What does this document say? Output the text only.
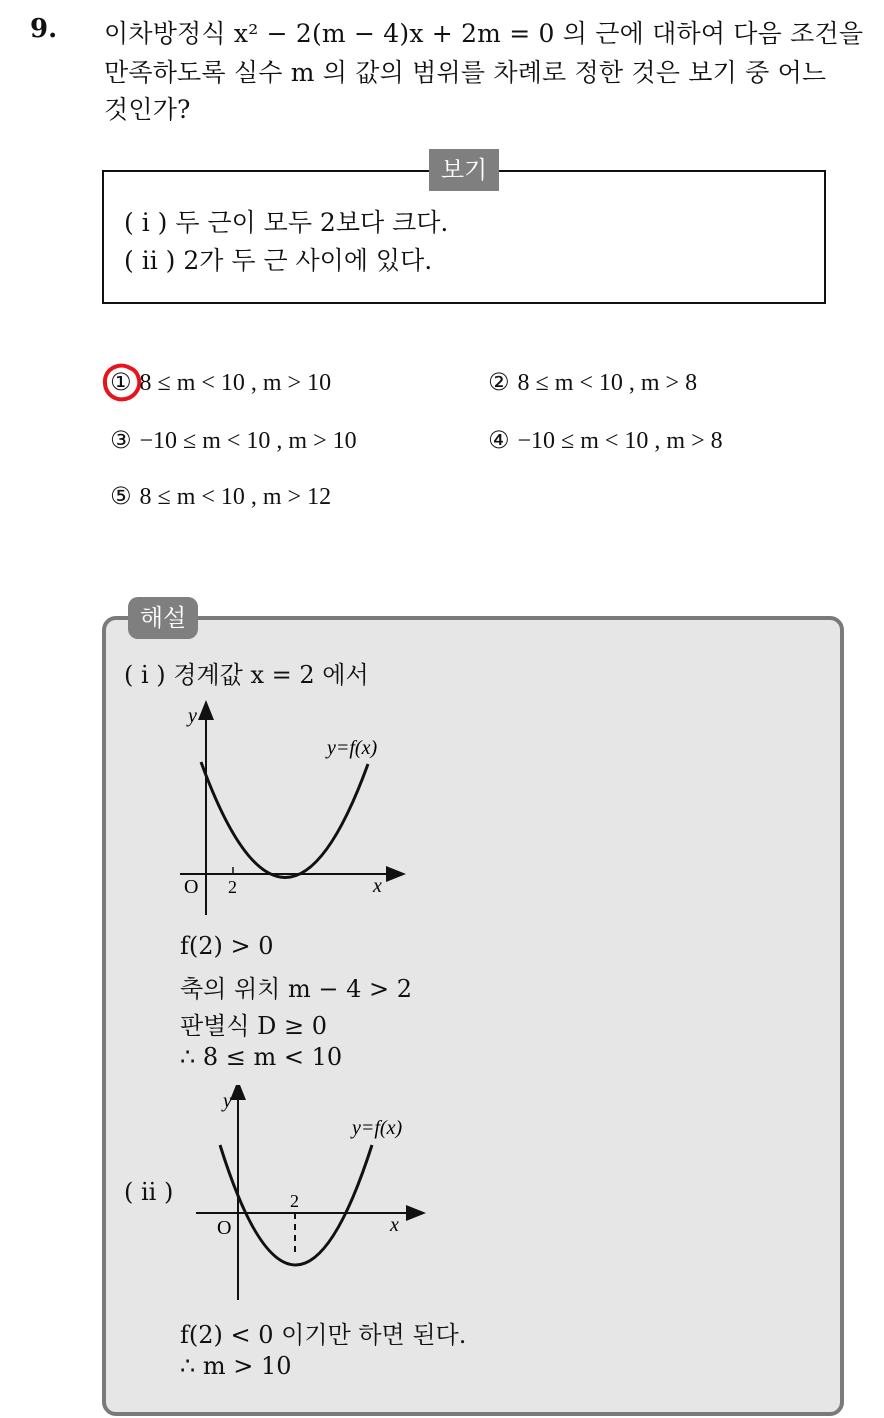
9. 이차방정식 x² − 2(m − 4)x + 2m = 0 의 근에 대하여 다음 조건을
만족하도록 실수 m 의 값의 범위를 차례로 정한 것은 보기 중 어느
것인가?
보기
( i ) 두 근이 모두 2보다 크다.
( ii ) 2가 두 근 사이에 있다.
① 8 ≤ m < 10 , m > 10	② 8 ≤ m < 10 , m > 8
③ −10 ≤ m < 10 , m > 10	④ −10 ≤ m < 10 , m > 8
⑤ 8 ≤ m < 10 , m > 12
해설
( i ) 경계값 x = 2 에서
y
x
O 2
y=f(x)
f(2) > 0
축의 위치 m − 4 > 2
판별식 D ≥ 0
∴ 8 ≤ m < 10
( ii )
y
x
O
2
y=f(x)
f(2) < 0 이기만 하면 된다.
∴ m > 10
